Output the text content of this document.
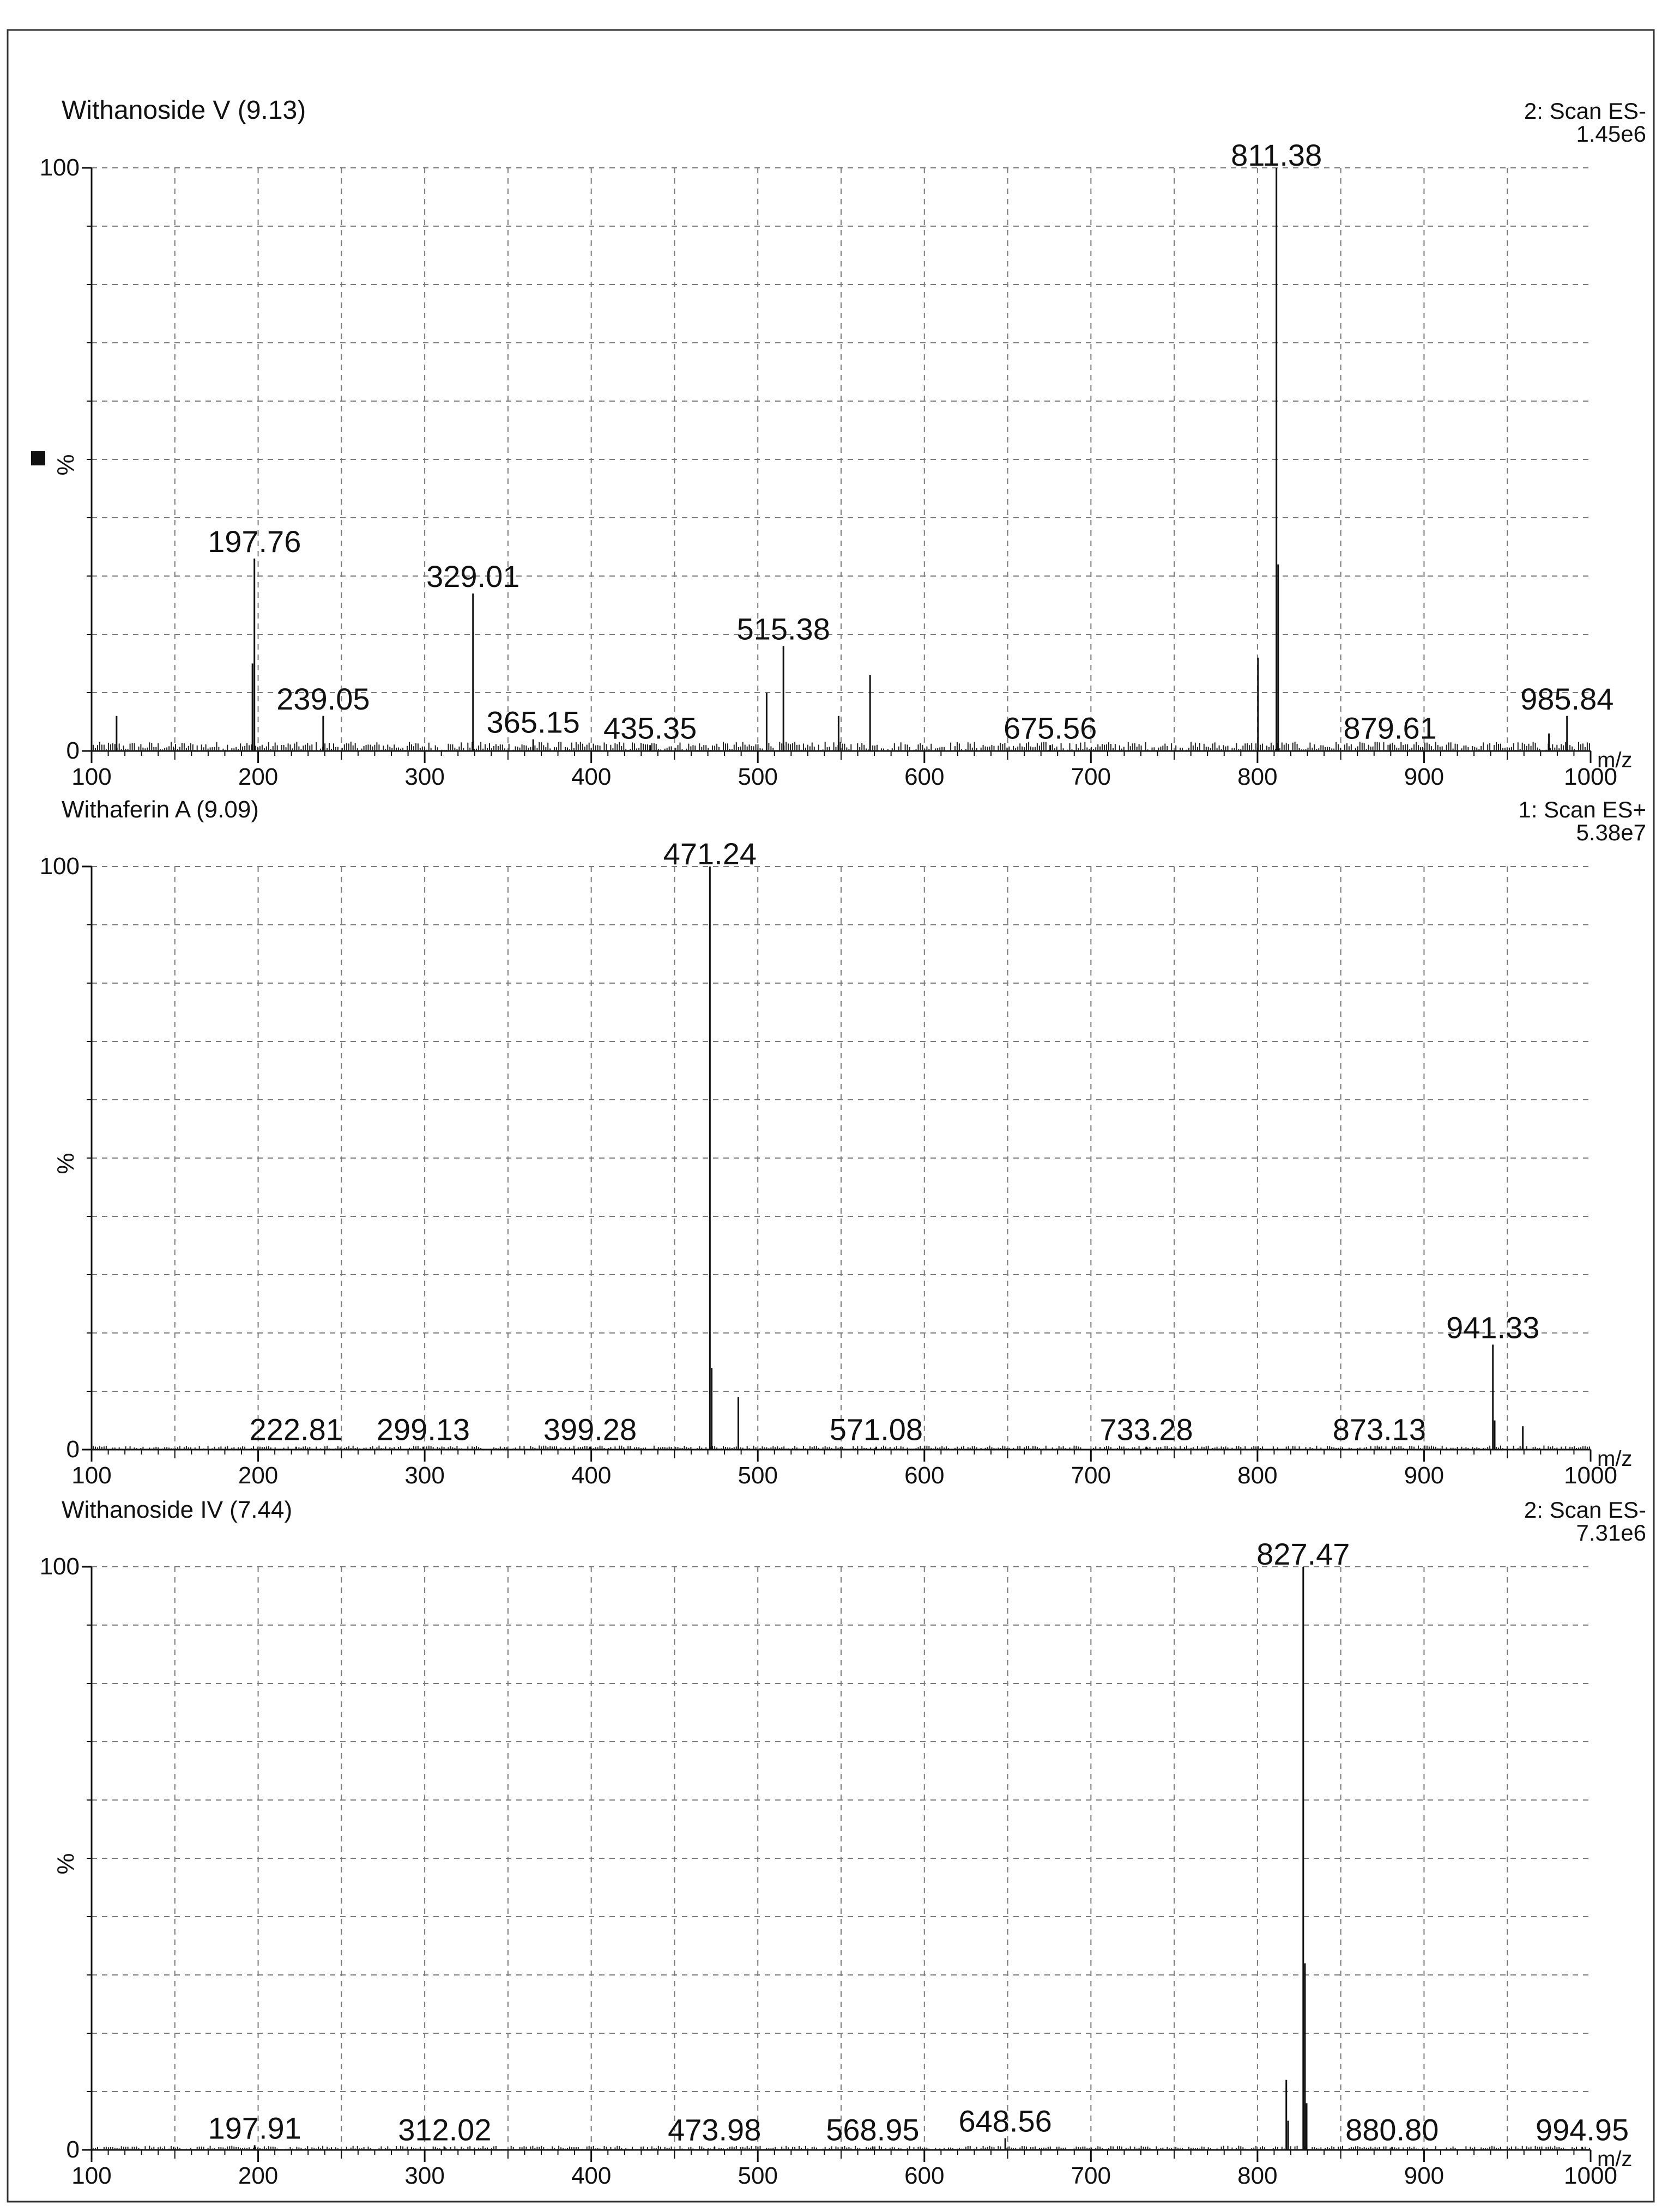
100	200	300	400	500	600	700	800	900	1000
0
100
%
m/z
Withanoside V (9.13)	2: Scan ES-
1.45e6
811.38
197.76
329.01
515.38
239.05
365.15 435.35	675.56	879.61
985.84
100	200	300	400	500	600	700	800	900	1000
0
100
%
m/z
Withaferin A (9.09)	1: Scan ES+
5.38e7
471.24
941.33
222.81 299.13 399.28	571.08	733.28	873.13
100	200	300	400	500	600	700	800	900	1000
0
100
%
m/z
Withanoside IV (7.44)	2: Scan ES-
7.31e6
827.47
197.91	312.02	473.98 568.95 648.56	880.80	994.95
